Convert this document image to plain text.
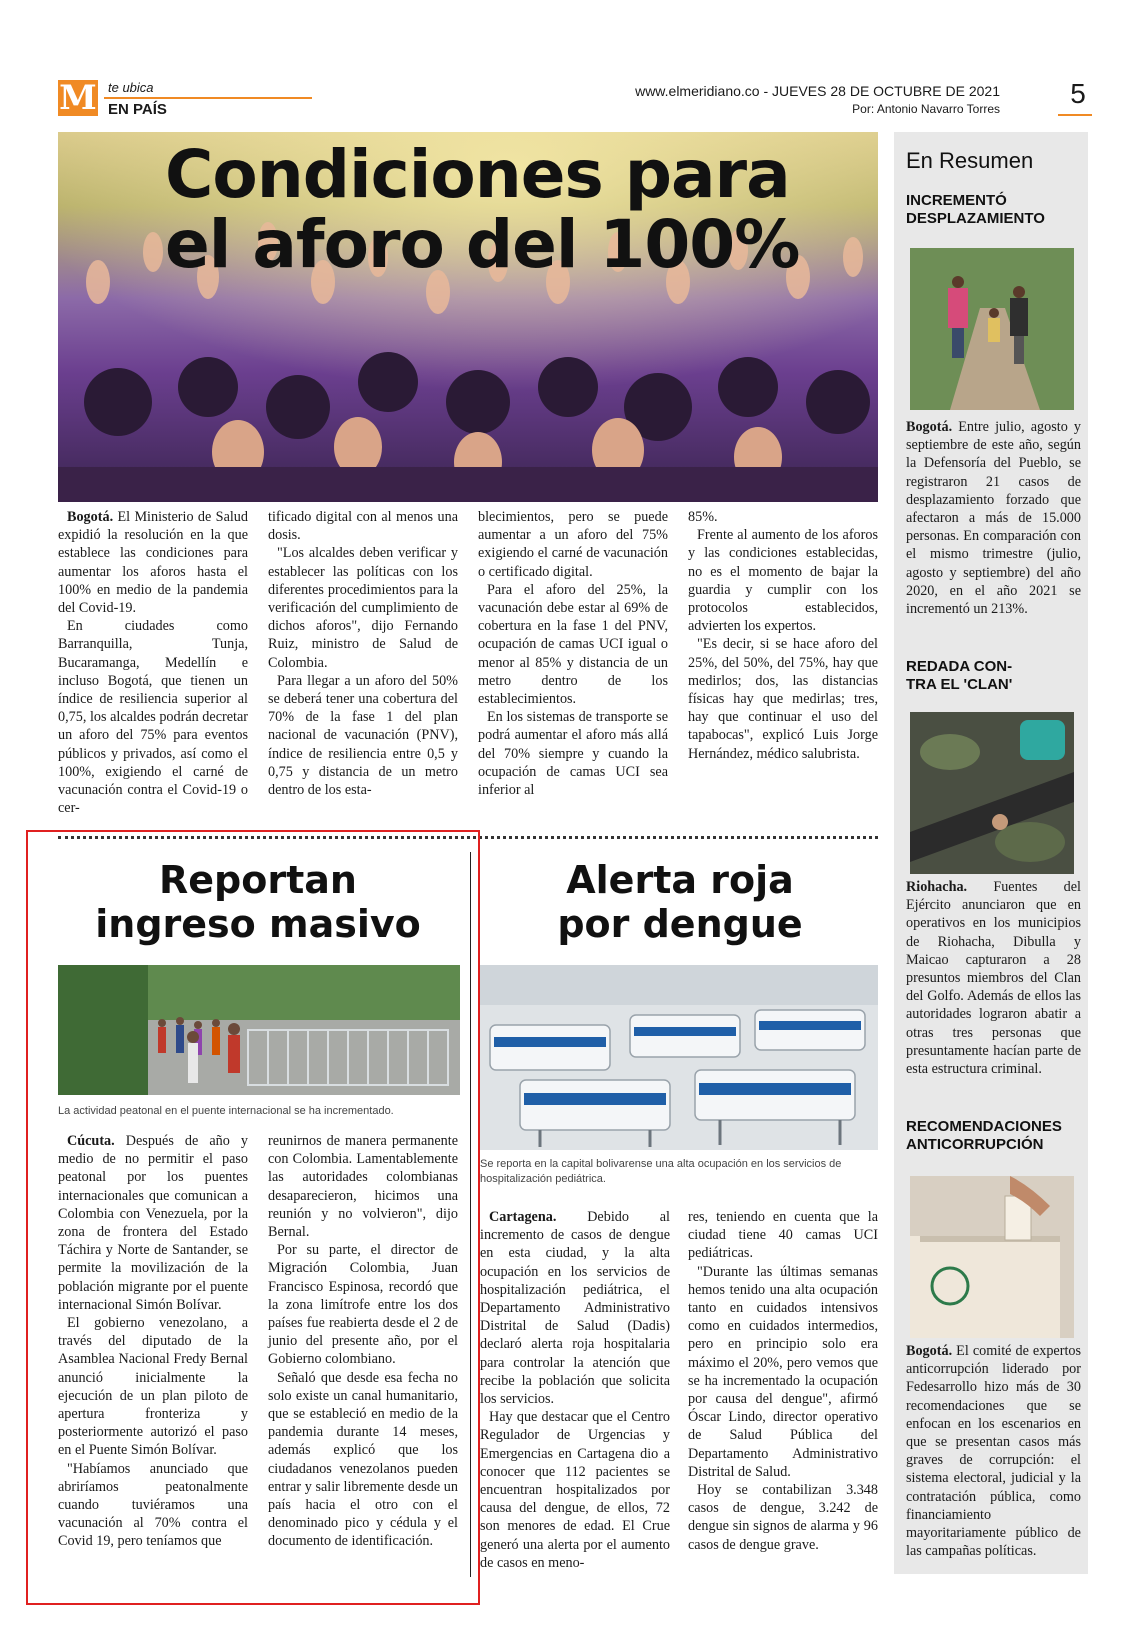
M te ubica
EN PAÍS
www.elmeridiano.co - JUEVES 28 DE OCTUBRE DE 2021
Por: Antonio Navarro Torres	5
Condiciones para
el aforo del 100%

Bogotá. El Ministerio de Salud expidió la resolución en la que establece las condiciones para aumentar los aforos hasta el 100% en medio de la pandemia del Covid-19.

En ciudades como Barranquilla, Tunja, Bucaramanga, Medellín e incluso Bogotá, que tienen un índice de resiliencia superior al 0,75, los alcaldes podrán decretar un aforo del 75% para eventos públicos y privados, así como el 100%, exigiendo el carné de vacunación contra el Covid-19 o cer-

tificado digital con al menos una dosis.

"Los alcaldes deben verificar y establecer las políticas con los diferentes procedimientos para la verificación del cumplimiento de dichos aforos", dijo Fernando Ruiz, ministro de Salud de Colombia.

Para llegar a un aforo del 50% se deberá tener una cobertura del 70% de la fase 1 del plan nacional de vacunación (PNV), índice de resiliencia entre 0,5 y 0,75 y distancia de un metro dentro de los esta-

blecimientos, pero se puede aumentar a un aforo del 75% exigiendo el carné de vacunación o certificado digital.

Para el aforo del 25%, la vacunación debe estar al 69% de cobertura en la fase 1 del PNV, ocupación de camas UCI igual o menor al 85% y distancia de un metro dentro de los establecimientos.

En los sistemas de transporte se podrá aumentar el aforo más allá del 70% siempre y cuando la ocupación de camas UCI sea inferior al

85%.

Frente al aumento de los aforos y las condiciones establecidas, no es el momento de bajar la guardia y cumplir con los protocolos establecidos, advierten los expertos.

"Es decir, si se hace aforo del 25%, del 50%, del 75%, hay que medirlos; dos, las distancias físicas hay que medirlas; tres, hay que continuar el uso del tapabocas", explicó Luis Jorge Hernández, médico salubrista.

Reportan
ingreso masivo
La actividad peatonal en el puente internacional se ha incrementado.

Cúcuta. Después de año y medio de no permitir el paso peatonal por los puentes internacionales que comunican a Colombia con Venezuela, por la zona de frontera del Estado Táchira y Norte de Santander, se permite la movilización de la población migrante por el puente internacional Simón Bolívar.

El gobierno venezolano, a través del diputado de la Asamblea Nacional Fredy Bernal anunció inicialmente la ejecución de un plan piloto de apertura fronteriza y posteriormente autorizó el paso en el Puente Simón Bolívar.

"Habíamos anunciado que abriríamos peatonalmente cuando tuviéramos una vacunación al 70% contra el Covid 19, pero teníamos que

reunirnos de manera permanente con Colombia. Lamentablemente las autoridades colombianas desaparecieron, hicimos una reunión y no volvieron", dijo Bernal.

Por su parte, el director de Migración Colombia, Juan Francisco Espinosa, recordó que la zona limítrofe entre los dos países fue reabierta desde el 2 de junio del presente año, por el Gobierno colombiano.

Señaló que desde esa fecha no solo existe un canal humanitario, que se estableció en medio de la pandemia durante 14 meses, además explicó que los ciudadanos venezolanos pueden entrar y salir libremente desde un país hacia el otro con el denominado pico y cédula y el documento de identificación.

Alerta roja
por dengue
Se reporta en la capital bolivarense una alta ocupación en los servicios de hospitalización pediátrica.

Cartagena. Debido al incremento de casos de dengue en esta ciudad, y la alta ocupación en los servicios de hospitalización pediátrica, el Departamento Administrativo Distrital de Salud (Dadis) declaró alerta roja hospitalaria para controlar la atención que recibe la población que solicita los servicios.

Hay que destacar que el Centro Regulador de Urgencias y Emergencias en Cartagena dio a conocer que 112 pacientes se encuentran hospitalizados por causa del dengue, de ellos, 72 son menores de edad. El Crue generó una alerta por el aumento de casos en meno-

res, teniendo en cuenta que la ciudad tiene 40 camas UCI pediátricas.

"Durante las últimas semanas hemos tenido una alta ocupación tanto en cuidados intensivos como en cuidados intermedios, pero en principio solo era máximo el 20%, pero vemos que se ha incrementado la ocupación por causa del dengue", afirmó Óscar Lindo, director operativo de Salud Pública del Departamento Administrativo Distrital de Salud.

Hoy se contabilizan 3.348 casos de dengue, 3.242 de dengue sin signos de alarma y 96 casos de dengue grave.

En Resumen
INCREMENTÓ
DESPLAZAMIENTO
Bogotá. Entre julio, agosto y septiembre de este año, según la Defensoría del Pueblo, se registraron 21 casos de desplazamiento forzado que afectaron a más de 15.000 personas. En comparación con el mismo trimestre (julio, agosto y septiembre) del año 2020, en el año 2021 se incrementó un 213%.
REDADA CON-
TRA EL 'CLAN'
Riohacha. Fuentes del Ejército anunciaron que en operativos en los municipios de Riohacha, Dibulla y Maicao capturaron a 28 presuntos miembros del Clan del Golfo. Además de ellos las autoridades lograron abatir a otras tres personas que presuntamente hacían parte de esta estructura criminal.
RECOMENDACIONES
ANTICORRUPCIÓN
Bogotá. El comité de expertos anticorrupción liderado por Fedesarrollo hizo más de 30 recomendaciones que se enfocan en los escenarios en que se presentan casos más graves de corrupción: el sistema electoral, judicial y la contratación pública, como financiamiento mayoritariamente público de las campañas políticas.
